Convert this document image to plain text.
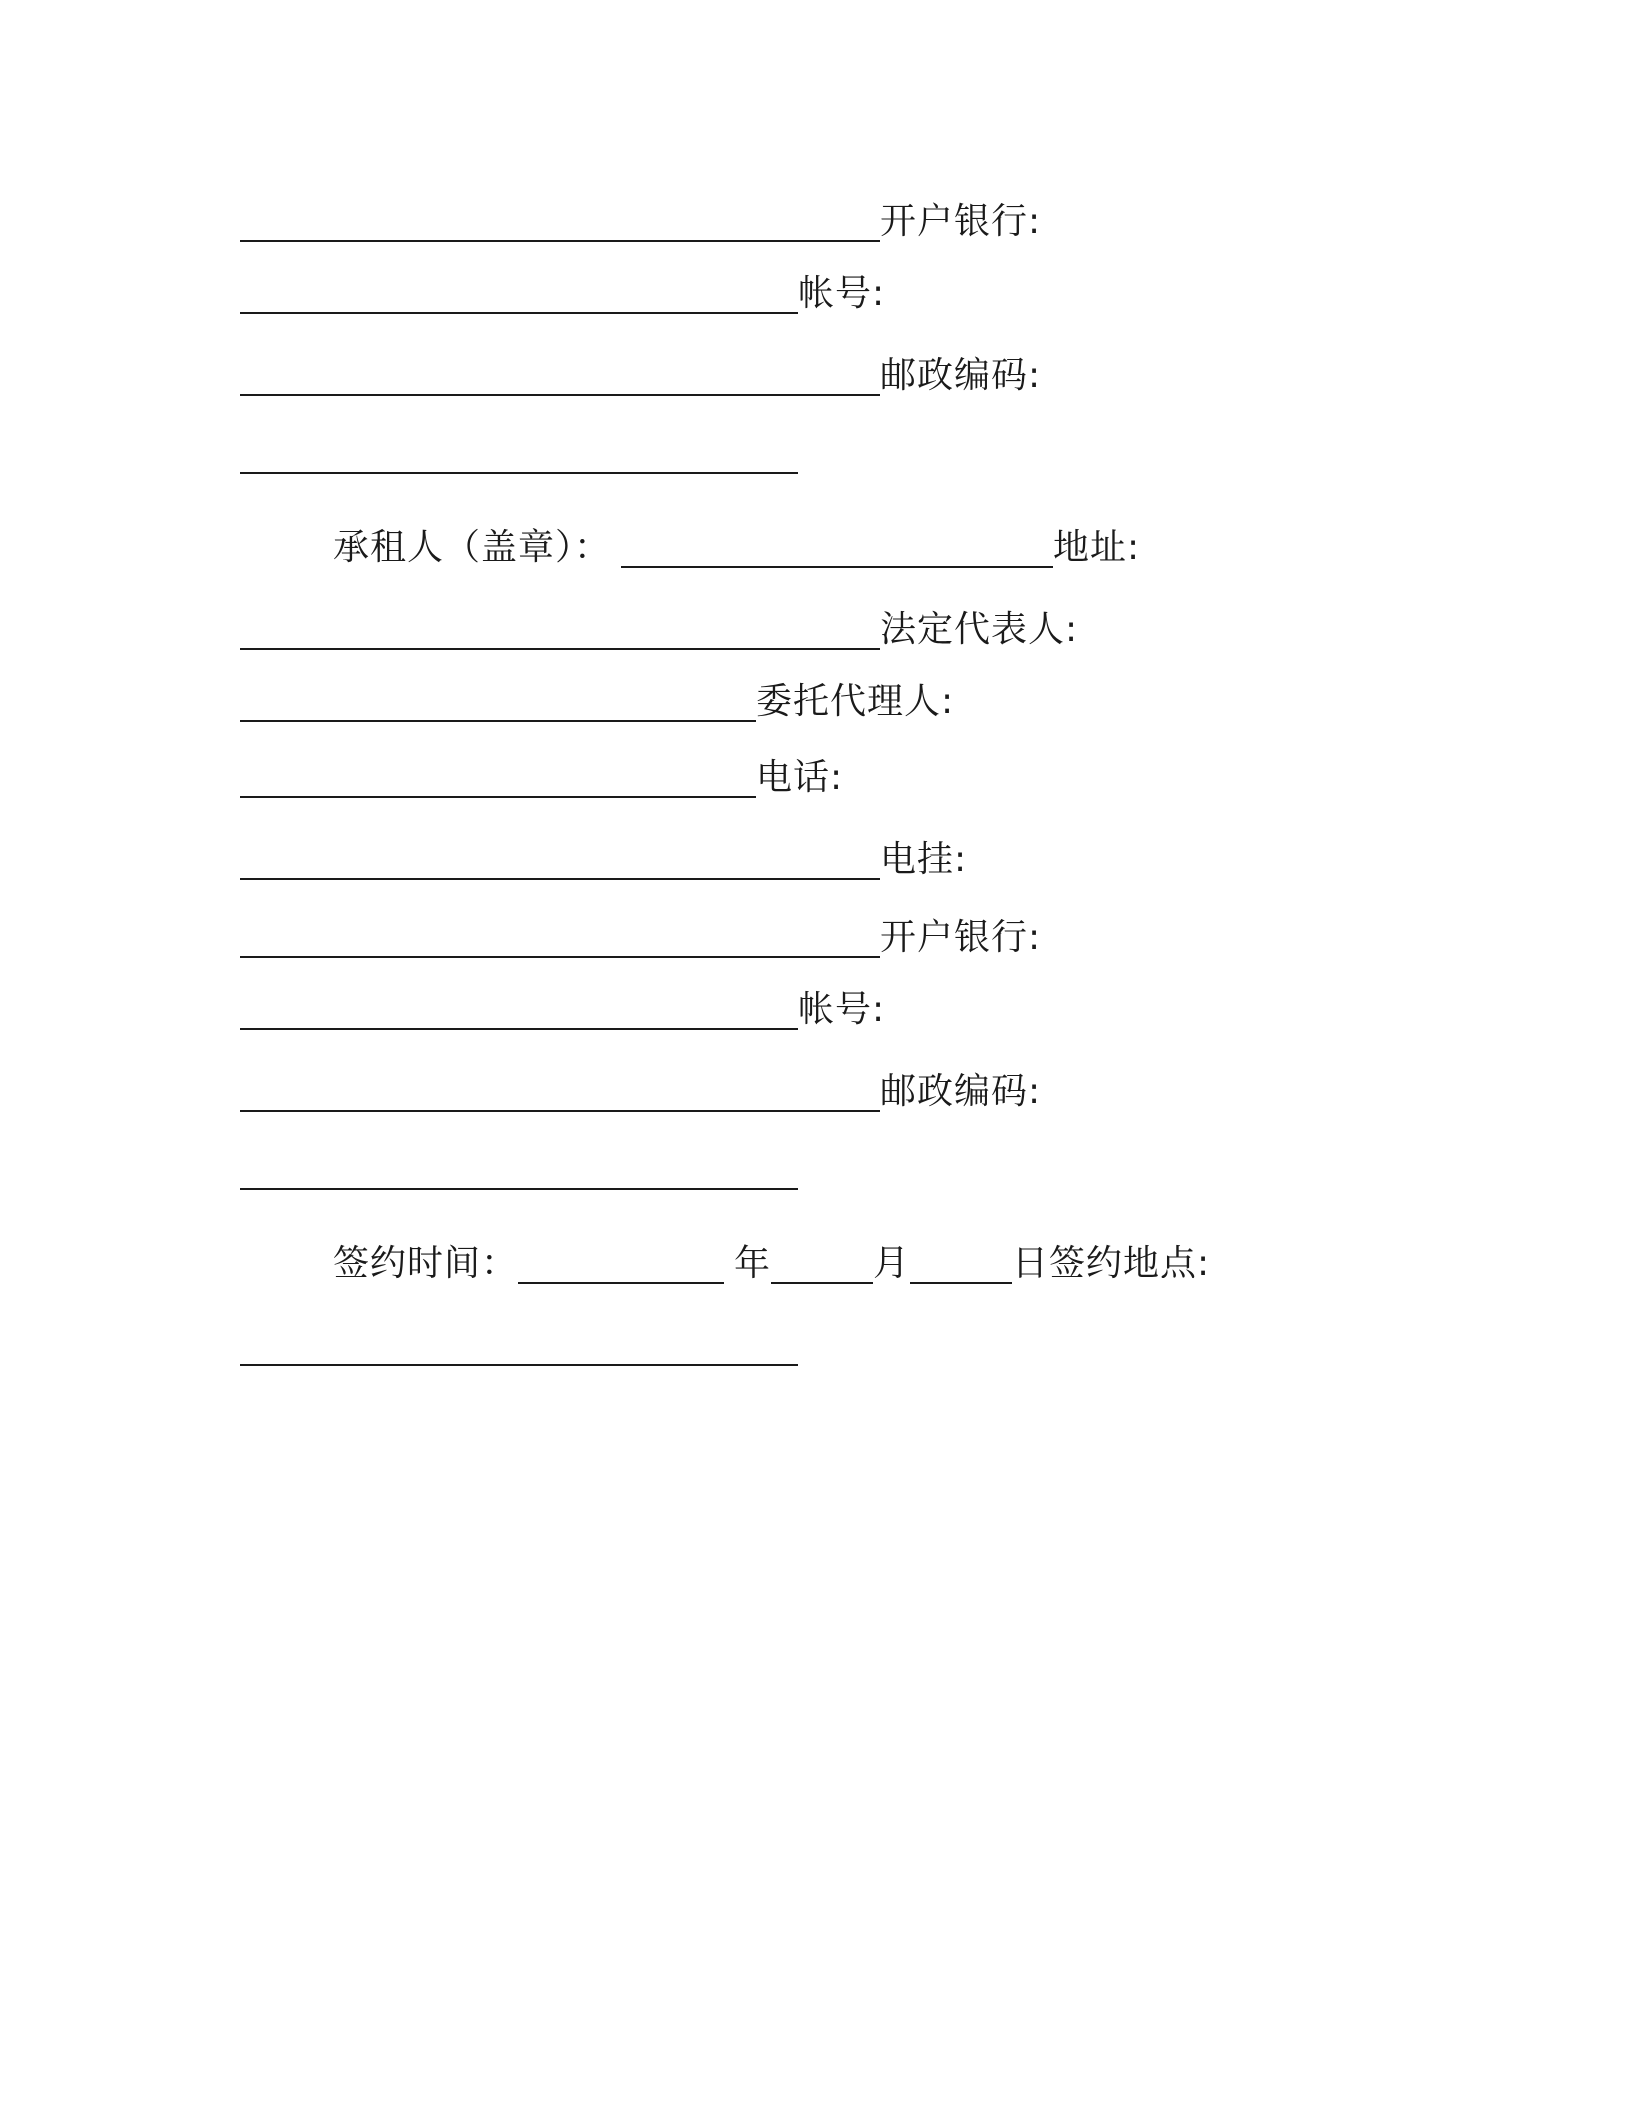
开户银行:
帐号:
邮政编码:
承租人（盖章）：	地址:
法定代表人:
委托代理人:
电话:
电挂:
开户银行:
帐号:
邮政编码:
签约时间：	年	月	日签约地点:
